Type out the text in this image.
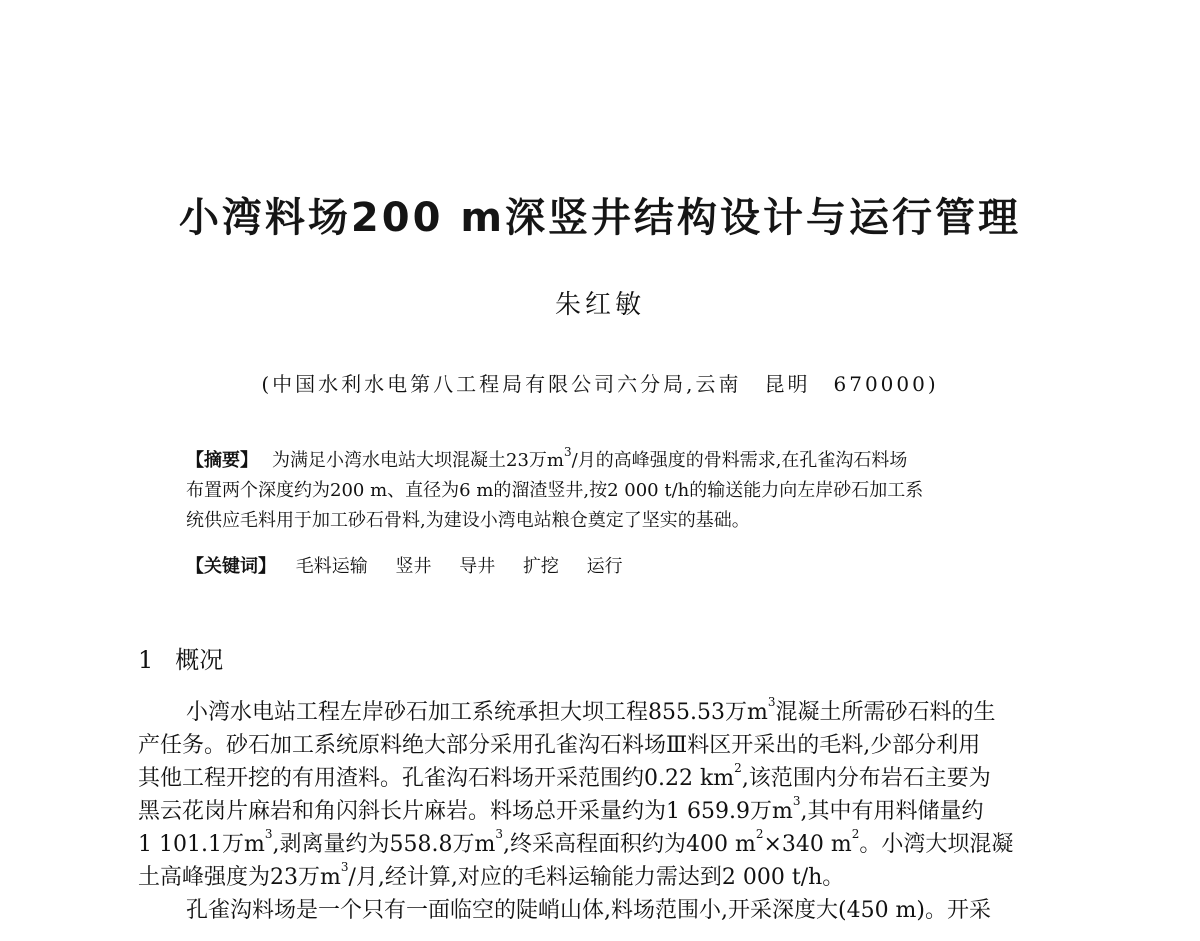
小湾料场200 m深竖井结构设计与运行管理
朱红敏
(中国水利水电第八工程局有限公司六分局,云南　昆明　670000)
【摘要】 为满足小湾水电站大坝混凝土23万$m^3/$月的高峰强度的骨料需求,在孔雀沟石料场
布置两个深度约为200 m、直径为6 m的溜渣竖井,按2 000 t/h的输送能力向左岸砂石加工系
统供应毛料用于加工砂石骨料,为建设小湾电站粮仓奠定了坚实的基础。
【关键词】 毛料运输 竖井 导井 扩挖 运行
1 概况
小湾水电站工程左岸砂石加工系统承担大坝工程855.53万$m^3$混凝土所需砂石料的生
产任务。砂石加工系统原料绝大部分采用孔雀沟石料场Ⅲ料区开采出的毛料,少部分利用
其他工程开挖的有用渣料。孔雀沟石料场开采范围约0.22 $km^2$,该范围内分布岩石主要为
黑云花岗片麻岩和角闪斜长片麻岩。料场总开采量约为1 659.9万$m^3$,其中有用料储量约
1 101.1万$m^3$,剥离量约为558.8万$m^3$,终采高程面积约为400 $m^2\times 340$ $m^2$。小湾大坝混凝
土高峰强度为23万$m^3/$月,经计算,对应的毛料运输能力需达到2 000 t/h。
孔雀沟料场是一个只有一面临空的陡峭山体,料场范围小,开采深度大(450 m)。开采
